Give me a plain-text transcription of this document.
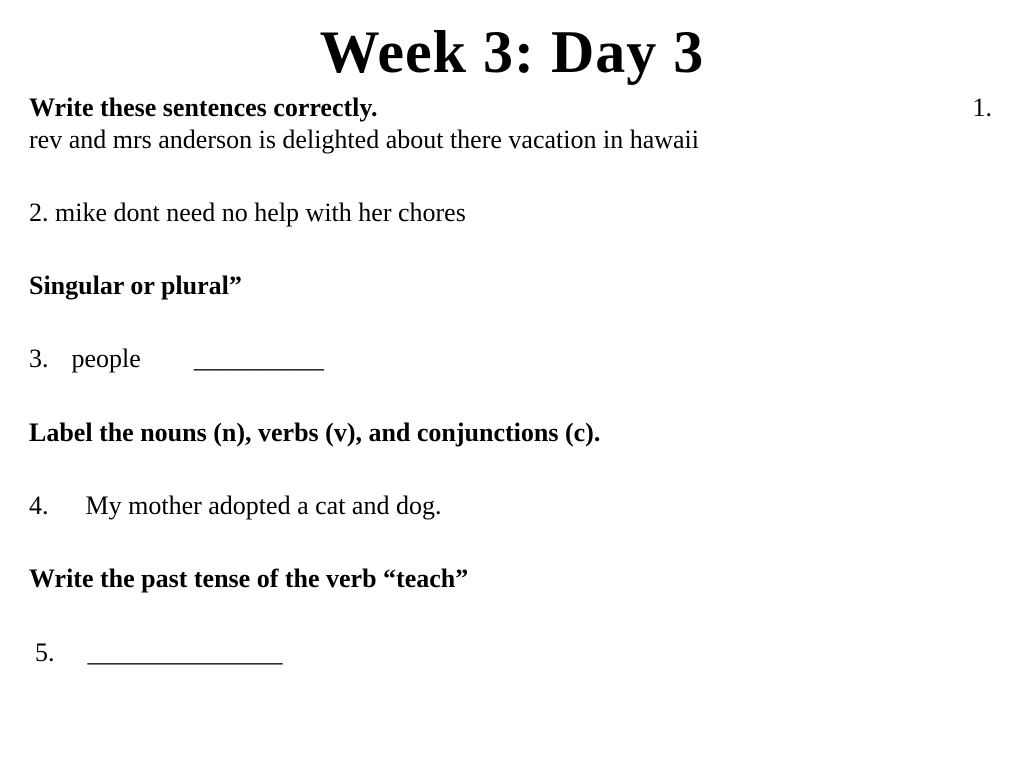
Week 3: Day 3
1.
Write these sentences correctly.
rev and mrs anderson is delighted about there vacation in hawaii
2. mike dont need no help with her chores
Singular or plural”
3. people __________
Label the nouns (n), verbs (v), and conjunctions (c).
4. My mother adopted a cat and dog.
Write the past tense of the verb “teach”
5. _______________
